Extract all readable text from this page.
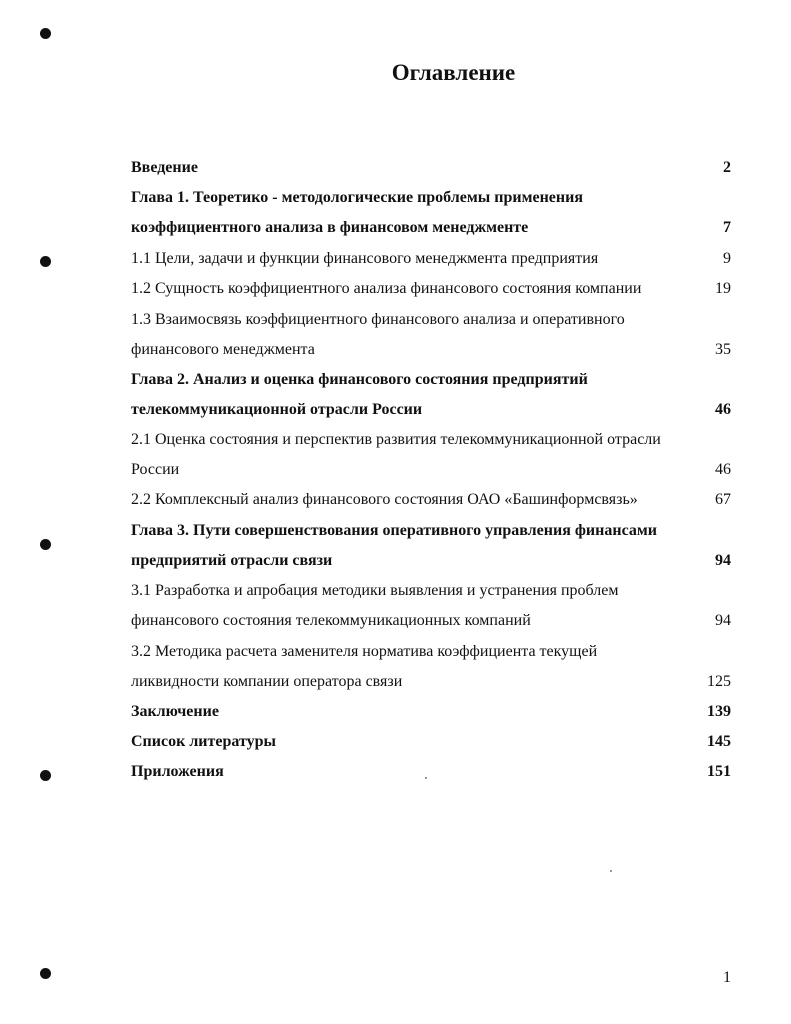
Оглавление
Введение	2
Глава 1. Теоретико - методологические проблемы применения
коэффициентного анализа в финансовом менеджменте	7
1.1 Цели, задачи и функции финансового менеджмента предприятия	9
1.2 Сущность коэффициентного анализа финансового состояния компании	19
1.3 Взаимосвязь коэффициентного финансового анализа и оперативного
финансового менеджмента	35
Глава 2. Анализ и оценка финансового состояния предприятий
телекоммуникационной отрасли России	46
2.1 Оценка состояния и перспектив развития телекоммуникационной отрасли
России	46
2.2 Комплексный анализ финансового состояния ОАО «Башинформсвязь»	67
Глава 3. Пути совершенствования оперативного управления финансами
предприятий отрасли связи	94
3.1 Разработка и апробация методики выявления и устранения проблем
финансового состояния телекоммуникационных компаний	94
3.2 Методика расчета заменителя норматива коэффициента текущей
ликвидности компании оператора связи	125
Заключение	139
Список литературы	145
Приложения	151
1
